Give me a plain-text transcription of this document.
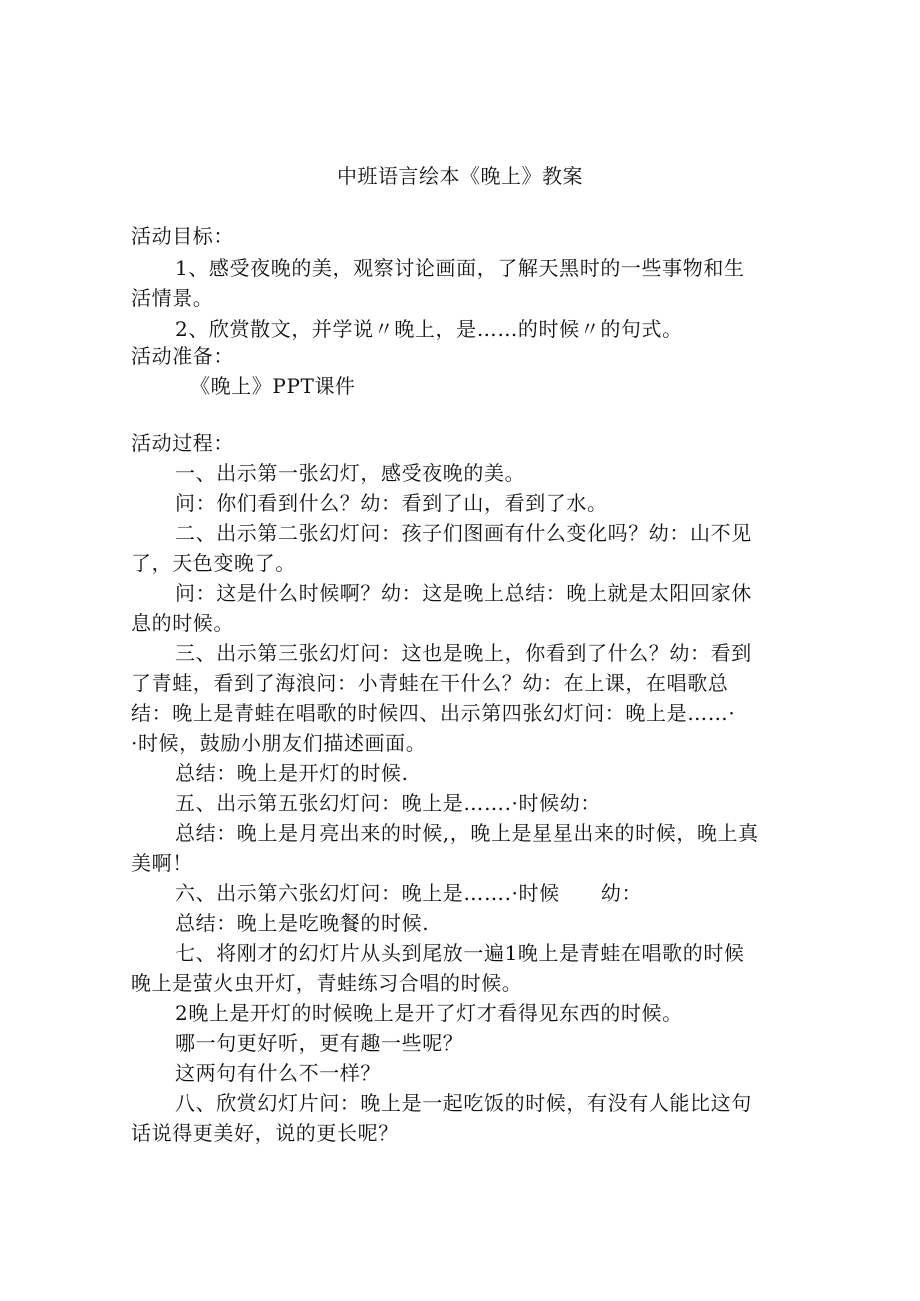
中班语言绘本《晚上》教案
活动目标：
1、感受夜晚的美，观察讨论画面，了解天黑时的一些事物和生
活情景。
2、欣赏散文，并学说〃晚上，是……的时候〃的句式。
活动准备：
《晚上》PPT课件
活动过程：
一、出示第一张幻灯，感受夜晚的美。
问：你们看到什么？幼：看到了山，看到了水。
二、出示第二张幻灯问：孩子们图画有什么变化吗？幼：山不见
了，天色变晚了。
问：这是什么时候啊？幼：这是晚上总结：晚上就是太阳回家休
息的时候。
三、出示第三张幻灯问：这也是晚上，你看到了什么？幼：看到
了青蛙，看到了海浪问：小青蛙在干什么？幼：在上课，在唱歌总
结：晚上是青蛙在唱歌的时候四、出示第四张幻灯问：晚上是……·
·时候，鼓励小朋友们描述画面。
总结：晚上是开灯的时候.
五、出示第五张幻灯问：晚上是…….·时候幼：
总结：晚上是月亮出来的时候,，晚上是星星出来的时候，晚上真
美啊！
六、出示第六张幻灯问：晚上是…….·时候　　幼：
总结：晚上是吃晚餐的时候.
七、将刚才的幻灯片从头到尾放一遍1晚上是青蛙在唱歌的时候
晚上是萤火虫开灯，青蛙练习合唱的时候。
2晚上是开灯的时候晚上是开了灯才看得见东西的时候。
哪一句更好听，更有趣一些呢？
这两句有什么不一样？
八、欣赏幻灯片问：晚上是一起吃饭的时候，有没有人能比这句
话说得更美好，说的更长呢？
